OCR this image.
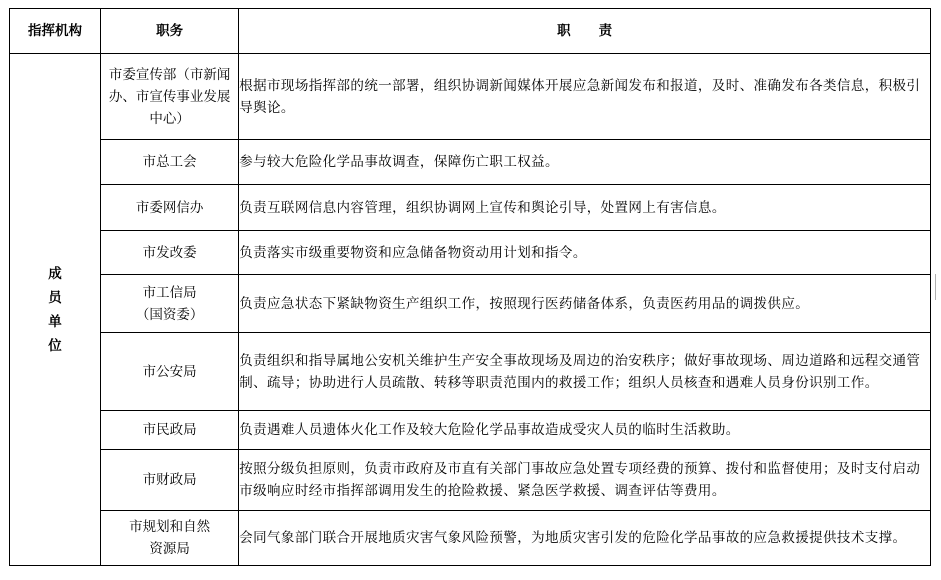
指挥机构	职务	职责
成员单位	市委宣传部（市新闻办、市宣传事业发展中心）	根据市现场指挥部的统一部署，组织协调新闻媒体开展应急新闻发布和报道，及时、准确发布各类信息，积极引导舆论。
	市总工会	参与较大危险化学品事故调查，保障伤亡职工权益。
	市委网信办	负责互联网信息内容管理，组织协调网上宣传和舆论引导，处置网上有害信息。
	市发改委	负责落实市级重要物资和应急储备物资动用计划和指令。
	市工信局（国资委）	负责应急状态下紧缺物资生产组织工作，按照现行医药储备体系，负责医药用品的调拨供应。
	市公安局	负责组织和指导属地公安机关维护生产安全事故现场及周边的治安秩序；做好事故现场、周边道路和远程交通管制、疏导；协助进行人员疏散、转移等职责范围内的救援工作；组织人员核查和遇难人员身份识别工作。
	市民政局	负责遇难人员遗体火化工作及较大危险化学品事故造成受灾人员的临时生活救助。
	市财政局	按照分级负担原则，负责市政府及市直有关部门事故应急处置专项经费的预算、拨付和监督使用；及时支付启动市级响应时经市指挥部调用发生的抢险救援、紧急医学救援、调查评估等费用。
	市规划和自然资源局	会同气象部门联合开展地质灾害气象风险预警，为地质灾害引发的危险化学品事故的应急救援提供技术支撑。
